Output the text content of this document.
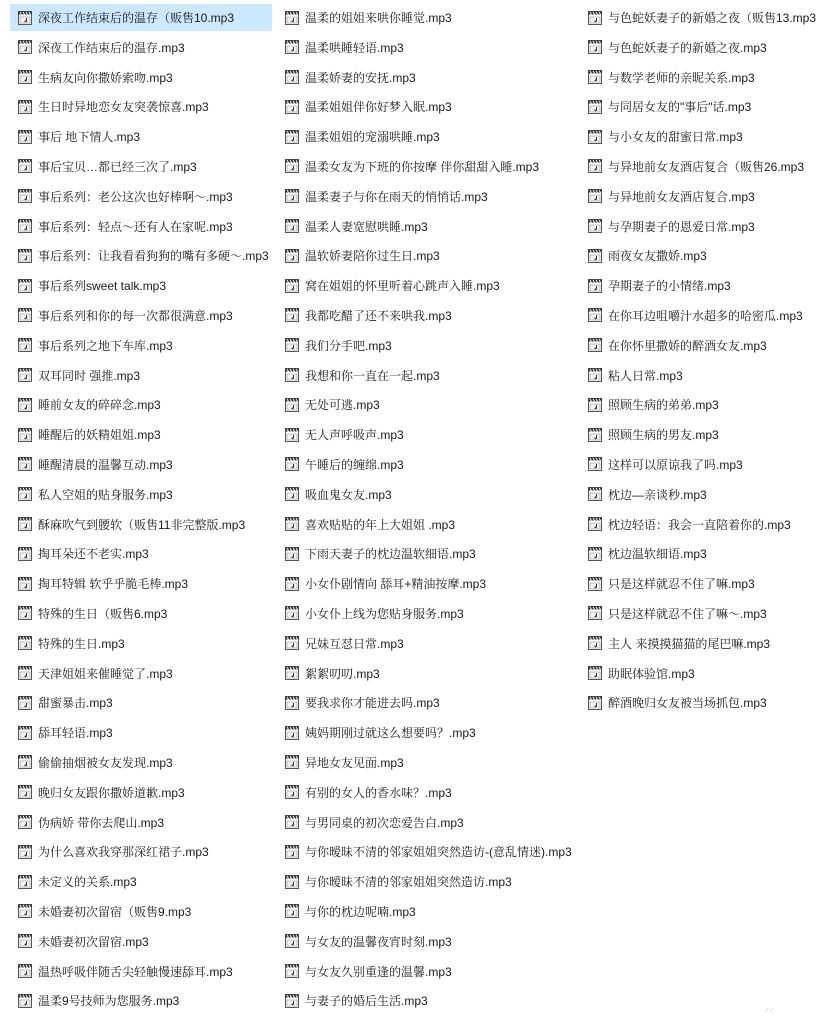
深夜工作结束后的温存（贩售10.mp3
深夜工作结束后的温存.mp3
生病友向你撒娇索吻.mp3
生日时异地恋女友突袭惊喜.mp3
事后 地下情人.mp3
事后宝贝…都已经三次了.mp3
事后系列：老公这次也好棒啊～.mp3
事后系列：轻点～还有人在家呢.mp3
事后系列：让我看看狗狗的嘴有多硬～.mp3
事后系列sweet talk.mp3
事后系列和你的每一次都很满意.mp3
事后系列之地下车库.mp3
双耳同时 强推.mp3
睡前女友的碎碎念.mp3
睡醒后的妖精姐姐.mp3
睡醒清晨的温馨互动.mp3
私人空姐的贴身服务.mp3
酥麻吹气到腰软（贩售11非完整版.mp3
掏耳朵还不老实.mp3
掏耳特辑 软乎乎脆毛棒.mp3
特殊的生日（贩售6.mp3
特殊的生日.mp3
天津姐姐来催睡觉了.mp3
甜蜜暴击.mp3
舔耳轻语.mp3
偷偷抽烟被女友发现.mp3
晚归女友跟你撒娇道歉.mp3
伪病娇 带你去爬山.mp3
为什么喜欢我穿那深红裙子.mp3
未定义的关系.mp3
未婚妻初次留宿（贩售9.mp3
未婚妻初次留宿.mp3
温热呼吸伴随舌尖轻触慢速舔耳.mp3
温柔9号技师为您服务.mp3
温柔的姐姐来哄你睡觉.mp3
温柔哄睡轻语.mp3
温柔娇妻的安抚.mp3
温柔姐姐伴你好梦入眠.mp3
温柔姐姐的宠溺哄睡.mp3
温柔女友为下班的你按摩 伴你甜甜入睡.mp3
温柔妻子与你在雨天的悄悄话.mp3
温柔人妻宽慰哄睡.mp3
温软娇妻陪你过生日.mp3
窝在姐姐的怀里听着心跳声入睡.mp3
我都吃醋了还不来哄我.mp3
我们分手吧.mp3
我想和你一直在一起.mp3
无处可逃.mp3
无人声呼吸声.mp3
午睡后的缠绵.mp3
吸血鬼女友.mp3
喜欢贴贴的年上大姐姐 .mp3
下雨天妻子的枕边温软细语.mp3
小女仆剧情向 舔耳+精油按摩.mp3
小女仆上线为您贴身服务.mp3
兄妹互怼日常.mp3
絮絮叨叨.mp3
要我求你才能进去吗.mp3
姨妈期刚过就这么想要吗？.mp3
异地女友见面.mp3
有别的女人的香水味？.mp3
与男同桌的初次恋爱告白.mp3
与你暧昧不清的邻家姐姐突然造访-(意乱情迷).mp3
与你暧昧不清的邻家姐姐突然造访.mp3
与你的枕边呢喃.mp3
与女友的温馨夜宵时刻.mp3
与女友久别重逢的温馨.mp3
与妻子的婚后生活.mp3
与色蛇妖妻子的新婚之夜（贩售13.mp3
与色蛇妖妻子的新婚之夜.mp3
与数学老师的亲昵关系.mp3
与同居女友的"事后"话.mp3
与小女友的甜蜜日常.mp3
与异地前女友酒店复合（贩售26.mp3
与异地前女友酒店复合.mp3
与孕期妻子的恩爱日常.mp3
雨夜女友撒娇.mp3
孕期妻子的小情绪.mp3
在你耳边咀嚼汁水超多的哈密瓜.mp3
在你怀里撒娇的醉酒女友.mp3
粘人日常.mp3
照顾生病的弟弟.mp3
照顾生病的男友.mp3
这样可以原谅我了吗.mp3
枕边—亲谈秒.mp3
枕边轻语：我会一直陪着你的.mp3
枕边温软细语.mp3
只是这样就忍不住了嘛.mp3
只是这样就忍不住了嘛～.mp3
主人 来摸摸猫猫的尾巴嘛.mp3
助眠体验馆.mp3
醉酒晚归女友被当场抓包.mp3
⸝⸝
